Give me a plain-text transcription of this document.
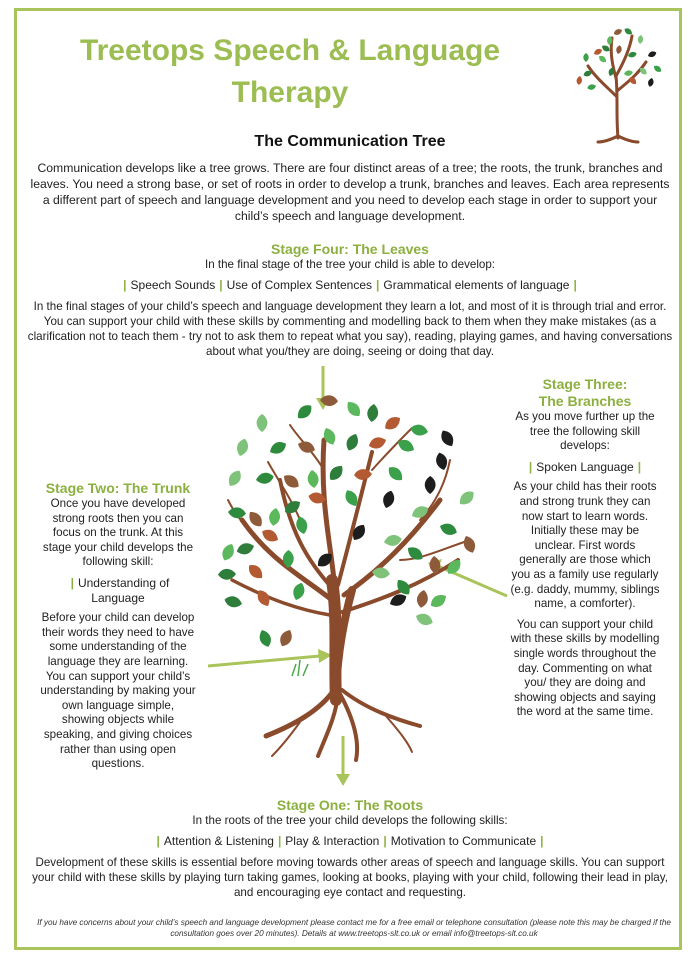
Treetops Speech & Language
Therapy
The Communication Tree
Communication develops like a tree grows. There are four distinct areas of a tree; the roots, the trunk, branches and leaves. You need a strong base, or set of roots in order to develop a trunk, branches and leaves. Each area represents a different part of speech and language development and you need to develop each stage in order to support your child’s speech and language development.
Stage Four: The Leaves
In the final stage of the tree your child is able to develop:
| Speech Sounds | Use of Complex Sentences | Grammatical elements of language |
In the final stages of your child’s speech and language development they learn a lot, and most of it is through trial and error. You can support your child with these skills by commenting and modelling back to them when they make mistakes (as a clarification not to teach them - try not to ask them to repeat what you say), reading, playing games, and having conversations about what you/they are doing, seeing or doing that day.
Stage Three:
The Branches
As you move further up the tree the following skill develops:

| Spoken Language |

As your child has their roots and strong trunk they can now start to learn words. Initially these may be unclear. First words generally are those which you as a family use regularly (e.g. daddy, mummy, siblings name, a comforter).

You can support your child with these skills by modelling single words throughout the day. Commenting on what you/ they are doing and showing objects and saying the word at the same time.

Stage Two: The Trunk
Once you have developed strong roots then you can focus on the trunk. At this stage your child develops the following skill:

| Understanding of Language

Before your child can develop their words they need to have some understanding of the language they are learning. You can support your child’s understanding by making your own language simple, showing objects while speaking, and giving choices rather than using open questions.

Stage One: The Roots
In the roots of the tree your child develops the following skills:
| Attention & Listening | Play & Interaction | Motivation to Communicate |
Development of these skills is essential before moving towards other areas of speech and language skills. You can support your child with these skills by playing turn taking games, looking at books, playing with your child, following their lead in play, and encouraging eye contact and requesting.
If you have concerns about your child’s speech and language development please contact me for a free email or telephone consultation (please note this may be charged if the consultation goes over 20 minutes). Details at www.treetops-slt.co.uk or email info@treetops-slt.co.uk
